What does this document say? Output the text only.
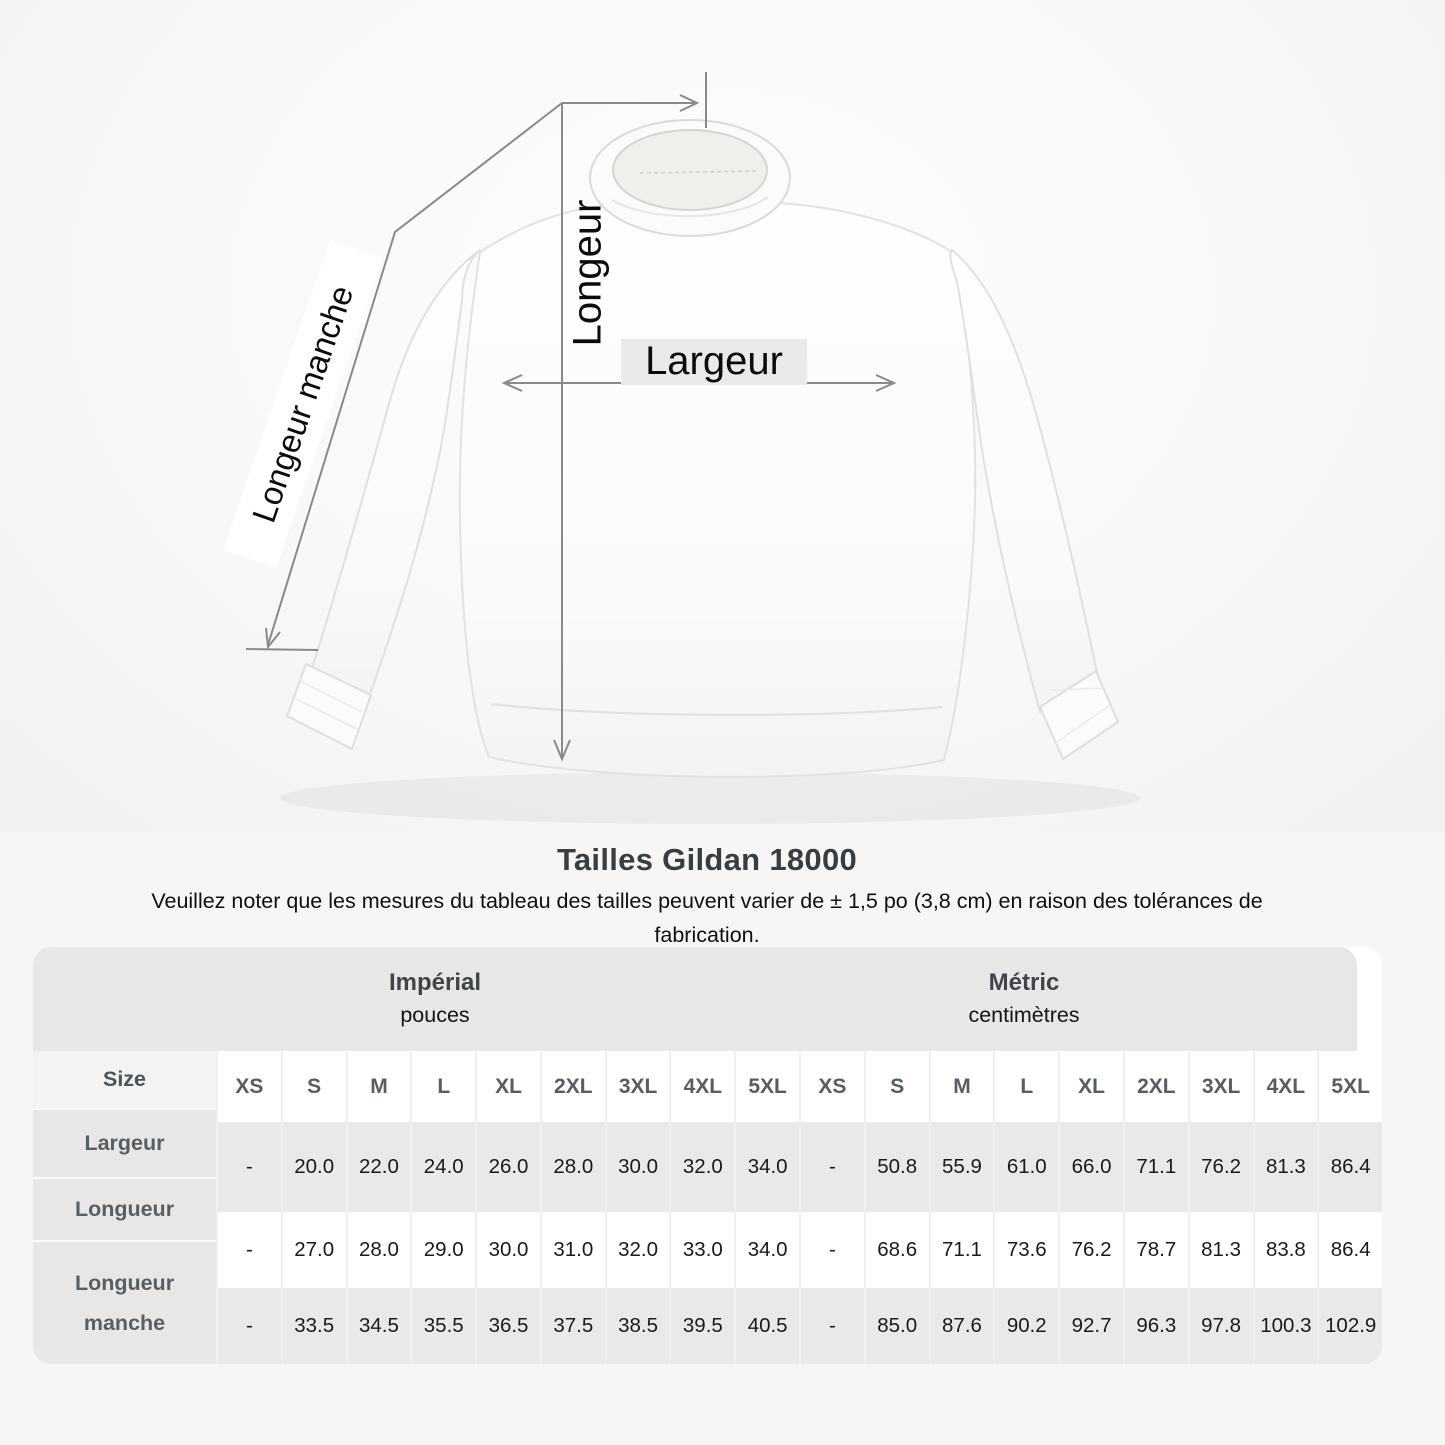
Longeur
Largeur
Longeur manche
Tailles Gildan 18000

Veuillez noter que les mesures du tableau des tailles peuvent varier de ± 1,5 po (3,8 cm) en raison des tolérances de
fabrication.

Impérial
pouces
Métric
centimètres
Size
Largeur
Longueur
Longueur manche
XS
-
-
-
S
20.0
27.0
33.5
M
22.0
28.0
34.5
L
24.0
29.0
35.5
XL
26.0
30.0
36.5
2XL
28.0
31.0
37.5
3XL
30.0
32.0
38.5
4XL
32.0
33.0
39.5
5XL
34.0
34.0
40.5
XS
-
-
-
S
50.8
68.6
85.0
M
55.9
71.1
87.6
L
61.0
73.6
90.2
XL
66.0
76.2
92.7
2XL
71.1
78.7
96.3
3XL
76.2
81.3
97.8
4XL
81.3
83.8
100.3
5XL
86.4
86.4
102.9
